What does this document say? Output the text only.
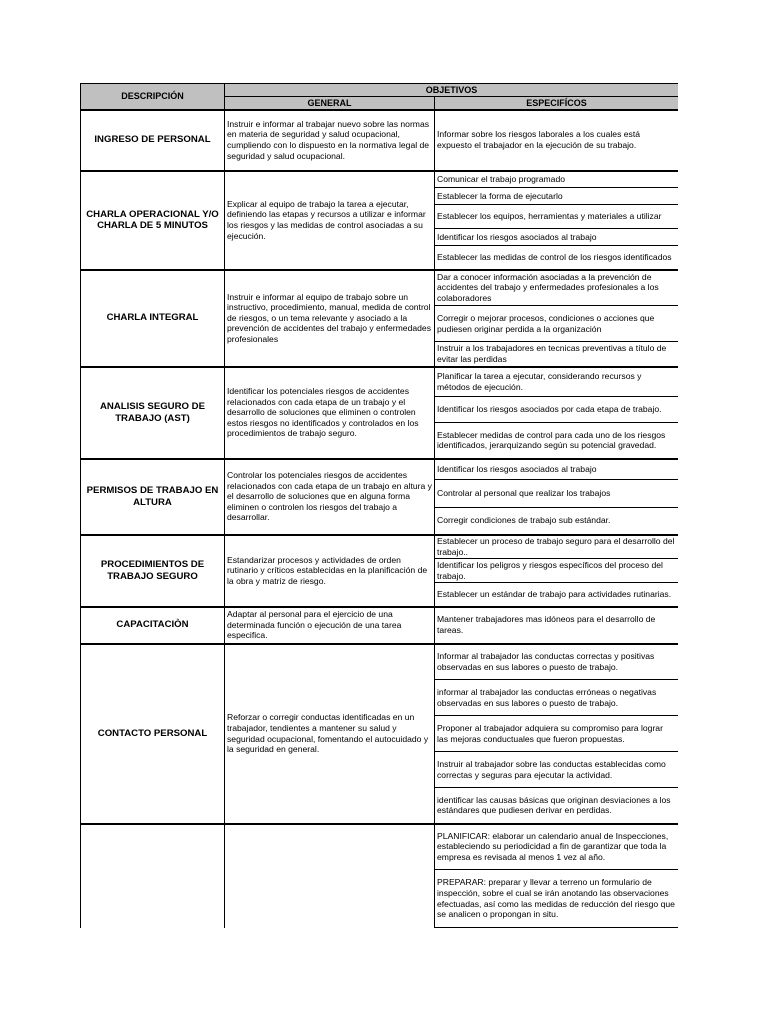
DESCRIPCIÓN	OBJETIVOS	
	GENERAL	ESPECIFÍCOS
INGRESO DE PERSONAL	Instruir e informar al trabajar nuevo sobre las normas en materia de seguridad y salud ocupacional, cumpliendo con lo dispuesto en la normativa legal de seguridad y salud ocupacional.	Informar sobre los riesgos laborales a los cuales está expuesto el trabajador en la ejecución de su trabajo.
CHARLA OPERACIONAL Y/O CHARLA DE 5 MINUTOS	Explicar al equipo de trabajo la tarea a ejecutar, definiendo las etapas y recursos a utilizar e informar los riesgos y las medidas de control asociadas a su ejecución.	Comunicar el trabajo programado
		Establecer la forma de ejecutarlo
		Establecer los equipos, herramientas y materiales a utilizar
		Identificar los riesgos asociados al trabajo
		Establecer las medidas de control de los riesgos identificados
CHARLA INTEGRAL	Instruir e informar al equipo de trabajo sobre un instructivo, procedimiento, manual, medida de control de riesgos, o un tema relevante y asociado a la prevención de accidentes del trabajo y enfermedades profesionales	Dar a conocer información asociadas a la prevención de accidentes del trabajo y enfermedades profesionales a los colaboradores
		Corregir o mejorar procesos, condiciones o acciones que pudiesen originar perdida a la organización
		Instruir a los trabajadores en tecnicas preventivas a título de evitar las perdidas
ANALISIS SEGURO DE TRABAJO (AST)	Identificar los potenciales riesgos de accidentes relacionados con cada etapa de un trabajo y el desarrollo de soluciones que eliminen o controlen estos riesgos no identificados y controlados en los procedimientos de trabajo seguro.	Planificar la tarea a ejecutar, considerando recursos y métodos de ejecución.
		Identificar los riesgos asociados por cada etapa de trabajo.
		Establecer medidas de control para cada uno de los riesgos identificados, jerarquizando según su potencial gravedad.
PERMISOS DE TRABAJO EN ALTURA	Controlar los potenciales riesgos de accidentes relacionados con cada etapa de un trabajo en altura y el desarrollo de soluciones que en alguna forma eliminen o controlen los riesgos del trabajo a desarrollar.	Identificar los riesgos asociados al trabajo
		Controlar al personal que realizar los trabajos
		Corregir condiciones de trabajo sub estándar.
PROCEDIMIENTOS DE TRABAJO SEGURO	Estandarizar procesos y actividades de orden rutinario y críticos establecidas en la planificación de la obra y matriz de riesgo.	Establecer un proceso de trabajo seguro para el desarrollo del trabajo..
		Identificar los peligros y riesgos específicos del proceso del trabajo.
		Establecer un estándar de trabajo para actividades rutinarias.
CAPACITACIÒN	Adaptar al personal para el ejercicio de una determinada función o ejecución de una tarea especifica.	Mantener trabajadores mas idóneos para el desarrollo de tareas.
CONTACTO PERSONAL	Reforzar o corregir conductas identificadas en un trabajador, tendientes a mantener su salud y seguridad ocupacional, fomentando el autocuidado y la seguridad en general.	Informar al trabajador las conductas correctas y positivas observadas en sus labores o puesto de trabajo.
		informar al trabajador las conductas erróneas o negativas observadas en sus labores o puesto de trabajo.
		Proponer al trabajador adquiera su compromiso para lograr las mejoras conductuales que fueron propuestas.
		Instruir al trabajador sobre las conductas establecidas como correctas y seguras para ejecutar la actividad.
		identificar las causas básicas que originan desviaciones a los estándares que pudiesen derivar en perdidas.
		PLANIFICAR: elaborar un calendario anual de Inspecciones, estableciendo su periodicidad a fin de garantizar que toda la empresa es revisada al menos 1 vez al año.
		PREPARAR: preparar y llevar a terreno un formulario de inspección, sobre el cual se irán anotando las observaciones efectuadas, así como las medidas de reducción del riesgo que se analicen o propongan in situ.
